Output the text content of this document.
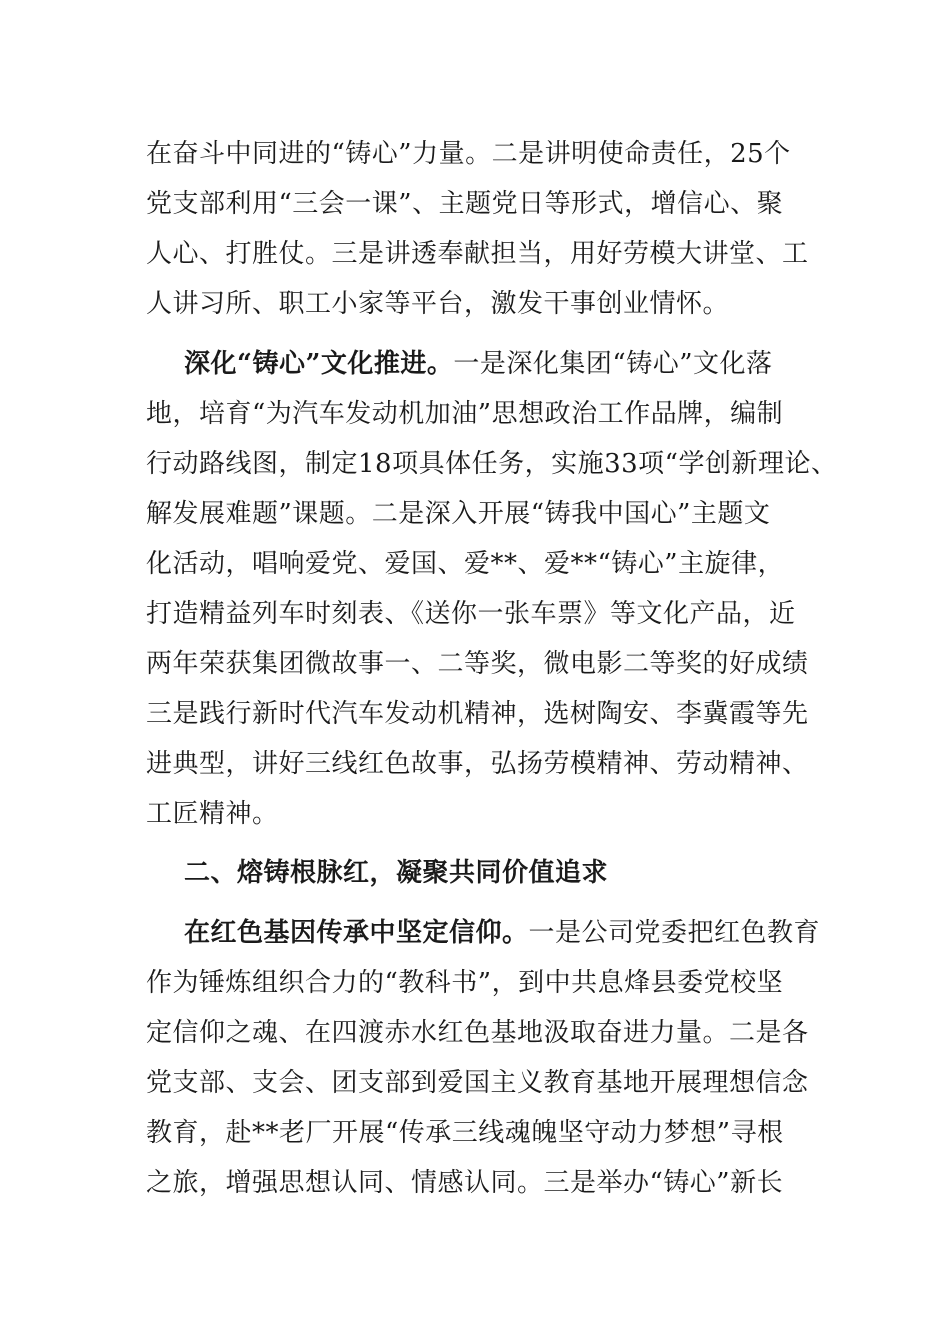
在奋斗中同进的“铸心”力量。二是讲明使命责任，25个
党支部利用“三会一课”、主题党日等形式，增信心、聚
人心、打胜仗。三是讲透奉献担当，用好劳模大讲堂、工
人讲习所、职工小家等平台，激发干事创业情怀。
深化“铸心”文化推进。一是深化集团“铸心”文化落
地，培育“为汽车发动机加油”思想政治工作品牌，编制
行动路线图，制定18项具体任务，实施33项“学创新理论、
解发展难题”课题。二是深入开展“铸我中国心”主题文
化活动，唱响爱党、爱国、爱**、爱**“铸心”主旋律，
打造精益列车时刻表、《送你一张车票》等文化产品，近
两年荣获集团微故事一、二等奖，微电影二等奖的好成绩
三是践行新时代汽车发动机精神，选树陶安、李冀霞等先
进典型，讲好三线红色故事，弘扬劳模精神、劳动精神、
工匠精神。
二、熔铸根脉红，凝聚共同价值追求
在红色基因传承中坚定信仰。一是公司党委把红色教育
作为锤炼组织合力的“教科书”，到中共息烽县委党校坚
定信仰之魂、在四渡赤水红色基地汲取奋进力量。二是各
党支部、支会、团支部到爱国主义教育基地开展理想信念
教育，赴**老厂开展“传承三线魂魄坚守动力梦想”寻根
之旅，增强思想认同、情感认同。三是举办“铸心”新长
